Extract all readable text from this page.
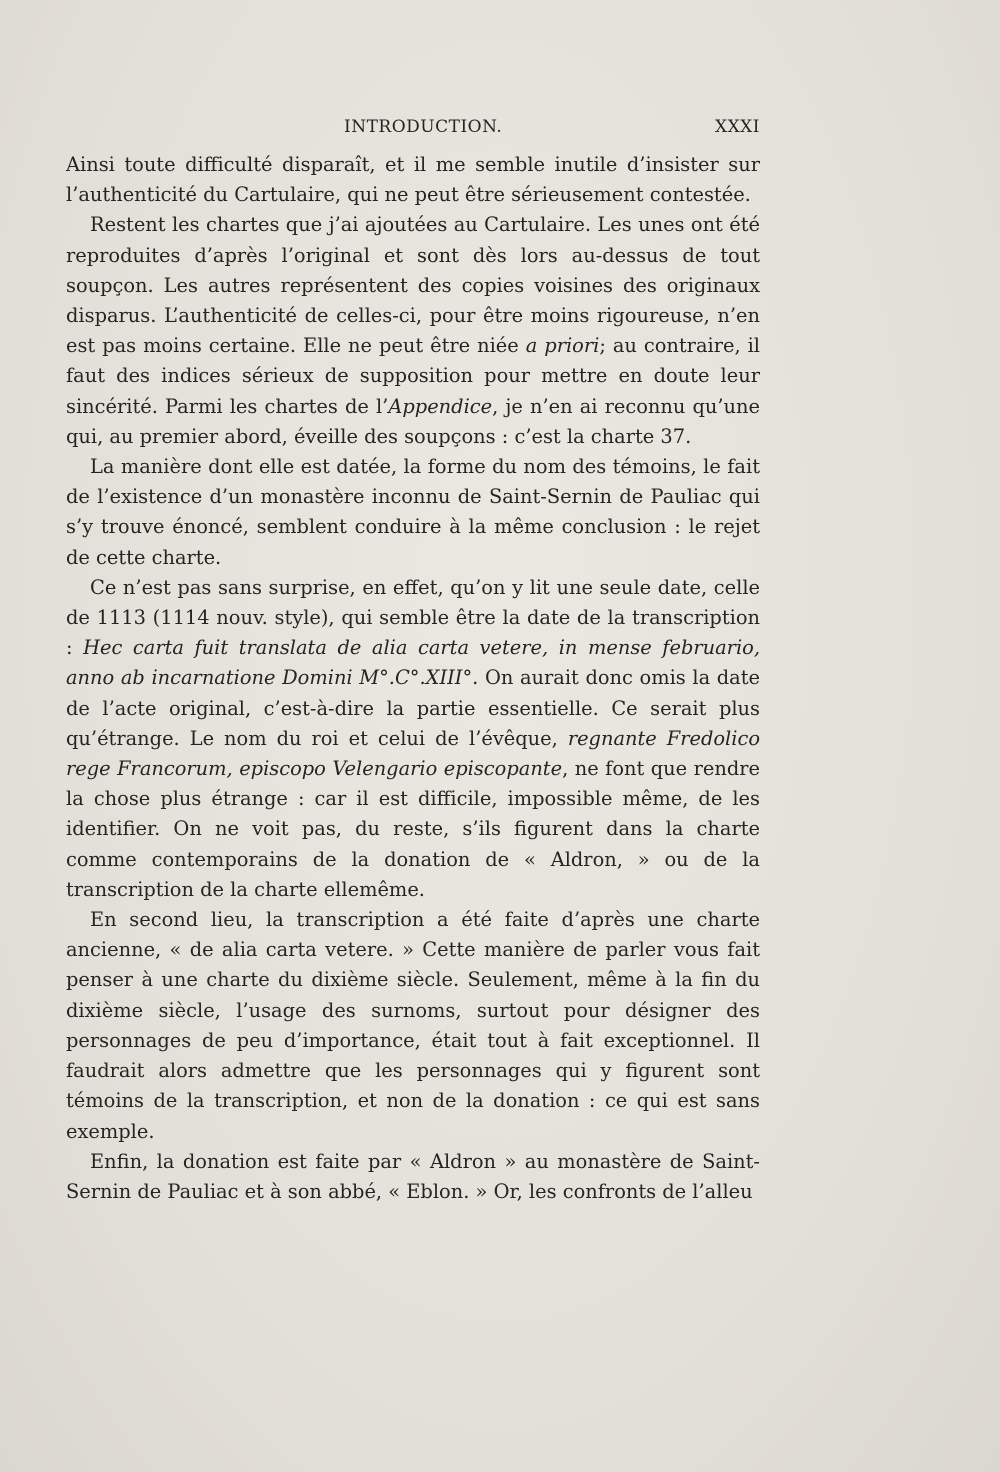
INTRODUCTION.	XXXI

Ainsi toute difficulté disparaît, et il me semble inutile d’insister sur l’authenticité du Cartulaire, qui ne peut être sérieusement contestée.

Restent les chartes que j’ai ajoutées au Cartulaire. Les unes ont été reproduites d’après l’original et sont dès lors au-dessus de tout soupçon. Les autres représentent des copies voisines des originaux disparus. L’authenticité de celles-ci, pour être moins rigoureuse, n’en est pas moins certaine. Elle ne peut être niée a priori; au contraire, il faut des indices sérieux de supposition pour mettre en doute leur sincérité. Parmi les chartes de l’Appendice, je n’en ai reconnu qu’une qui, au premier abord, éveille des soupçons : c’est la charte 37.

La manière dont elle est datée, la forme du nom des témoins, le fait de l’existence d’un monastère inconnu de Saint-Sernin de Pauliac qui s’y trouve énoncé, semblent conduire à la même conclusion : le rejet de cette charte.

Ce n’est pas sans surprise, en effet, qu’on y lit une seule date, celle de 1113 (1114 nouv. style), qui semble être la date de la transcription : Hec carta fuit translata de alia carta vetere, in mense februario, anno ab incarnatione Domini M°.C°.XIII°. On aurait donc omis la date de l’acte original, c’est-à-dire la partie essentielle. Ce serait plus qu’étrange. Le nom du roi et celui de l’évêque, regnante Fredolico rege Francorum, episcopo Velengario episcopante, ne font que rendre la chose plus étrange : car il est difficile, impossible même, de les identifier. On ne voit pas, du reste, s’ils figurent dans la charte comme contemporains de la donation de « Aldron, » ou de la transcription de la charte ellemême.

En second lieu, la transcription a été faite d’après une charte ancienne, « de alia carta vetere. » Cette manière de parler vous fait penser à une charte du dixième siècle. Seulement, même à la fin du dixième siècle, l’usage des surnoms, surtout pour désigner des personnages de peu d’importance, était tout à fait exceptionnel. Il faudrait alors admettre que les personnages qui y figurent sont témoins de la transcription, et non de la donation : ce qui est sans exemple.

Enfin, la donation est faite par « Aldron » au monastère de Saint-Sernin de Pauliac et à son abbé, « Eblon. » Or, les confronts de l’alleu
